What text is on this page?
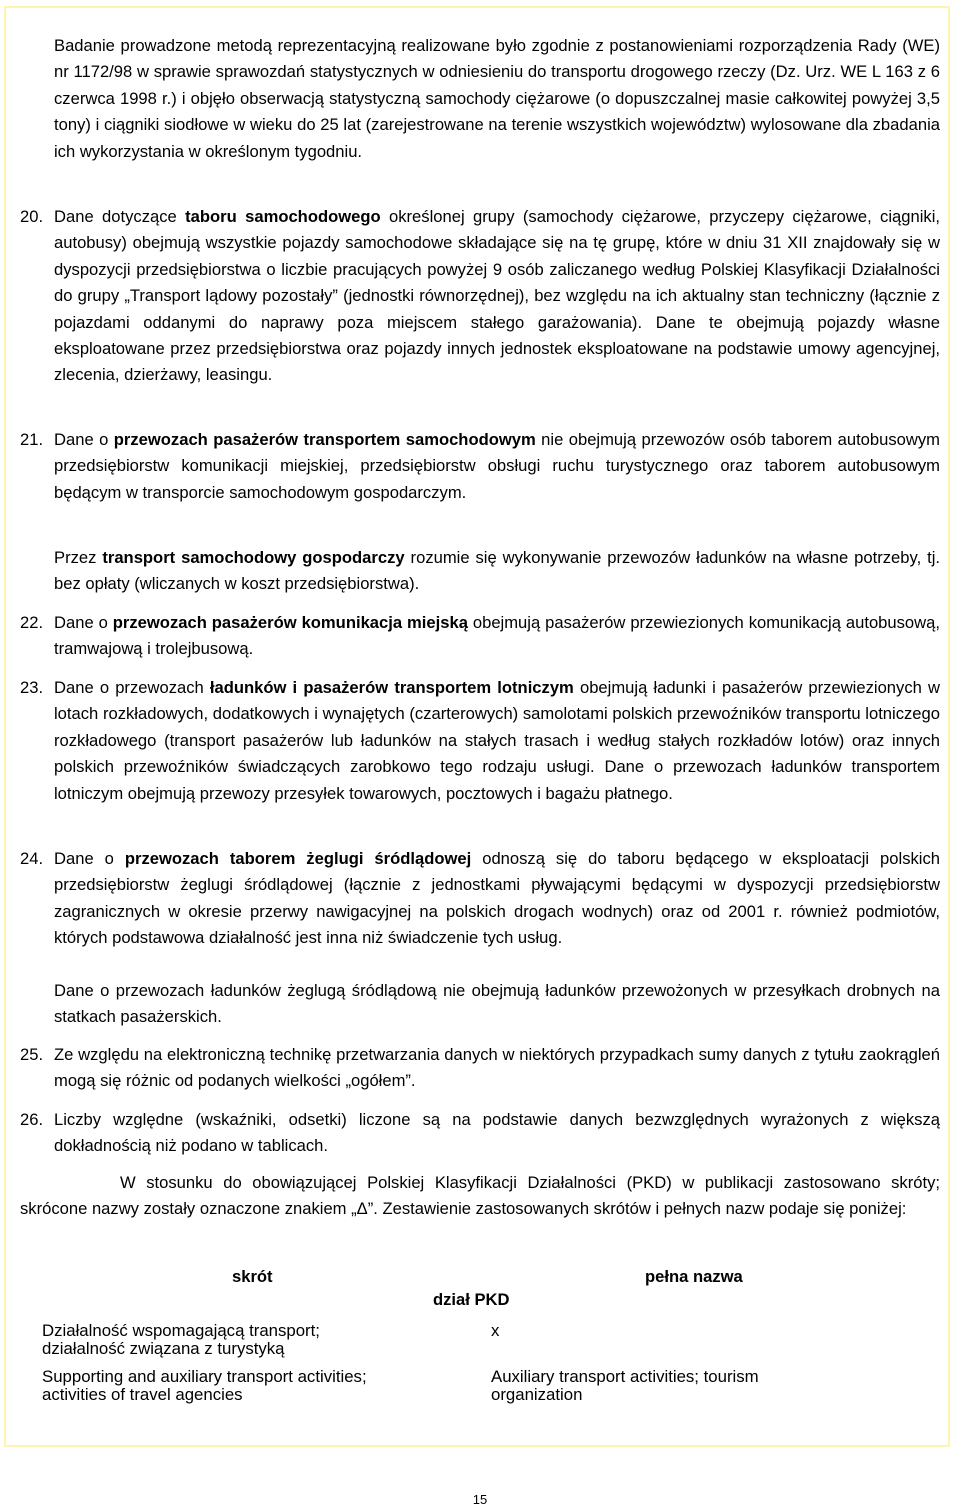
Badanie prowadzone metodą reprezentacyjną realizowane było zgodnie z postanowieniami rozporządzenia Rady (WE) nr 1172/98 w sprawie sprawozdań statystycznych w odniesieniu do transportu drogowego rzeczy (Dz. Urz. WE L 163 z 6 czerwca 1998 r.) i objęło obserwacją statystyczną samochody ciężarowe (o dopuszczalnej masie całkowitej powyżej 3,5 tony) i ciągniki siodłowe w wieku do 25 lat (zarejestrowane na terenie wszystkich województw) wylosowane dla zbadania ich wykorzystania w określonym tygodniu.

20. Dane dotyczące taboru samochodowego określonej grupy (samochody ciężarowe, przyczepy ciężarowe, ciągniki, autobusy) obejmują wszystkie pojazdy samochodowe składające się na tę grupę, które w dniu 31 XII znajdowały się w dyspozycji przedsiębiorstwa o liczbie pracujących powyżej 9 osób zaliczanego według Polskiej Klasyfikacji Działalności do grupy „Transport lądowy pozostały” (jednostki równorzędnej), bez względu na ich aktualny stan techniczny (łącznie z pojazdami oddanymi do naprawy poza miejscem stałego garażowania). Dane te obejmują pojazdy własne eksploatowane przez przedsiębiorstwa oraz pojazdy innych jednostek eksploatowane na podstawie umowy agencyjnej, zlecenia, dzierżawy, leasingu.

21. Dane o przewozach pasażerów transportem samochodowym nie obejmują przewozów osób taborem autobusowym przedsiębiorstw komunikacji miejskiej, przedsiębiorstw obsługi ruchu turystycznego oraz taborem autobusowym będącym w transporcie samochodowym gospodarczym.

Przez transport samochodowy gospodarczy rozumie się wykonywanie przewozów ładunków na własne potrzeby, tj. bez opłaty (wliczanych w koszt przedsiębiorstwa).

22. Dane o przewozach pasażerów komunikacja miejską obejmują pasażerów przewiezionych komunikacją autobusową, tramwajową i trolejbusową.

23. Dane o przewozach ładunków i pasażerów transportem lotniczym obejmują ładunki i pasażerów przewiezionych w lotach rozkładowych, dodatkowych i wynajętych (czarterowych) samolotami polskich przewoźników transportu lotniczego rozkładowego (transport pasażerów lub ładunków na stałych trasach i według stałych rozkładów lotów) oraz innych polskich przewoźników świadczących zarobkowo tego rodzaju usługi. Dane o przewozach ładunków transportem lotniczym obejmują przewozy przesyłek towarowych, pocztowych i bagażu płatnego.

24. Dane o przewozach taborem żeglugi śródlądowej odnoszą się do taboru będącego w eksploatacji polskich przedsiębiorstw żeglugi śródlądowej (łącznie z jednostkami pływającymi będącymi w dyspozycji przedsiębiorstw zagranicznych w okresie przerwy nawigacyjnej na polskich drogach wodnych) oraz od 2001 r. również podmiotów, których podstawowa działalność jest inna niż świadczenie tych usług.

Dane o przewozach ładunków żeglugą śródlądową nie obejmują ładunków przewożonych w przesyłkach drobnych na statkach pasażerskich.

25. Ze względu na elektroniczną technikę przetwarzania danych w niektórych przypadkach sumy danych z tytułu zaokrągleń mogą się różnic od podanych wielkości „ogółem”.

26. Liczby względne (wskaźniki, odsetki) liczone są na podstawie danych bezwzględnych wyrażonych z większą dokładnością niż podano w tablicach.

W stosunku do obowiązującej Polskiej Klasyfikacji Działalności (PKD) w publikacji zastosowano skróty; skrócone nazwy zostały oznaczone znakiem „Δ”. Zestawienie zastosowanych skrótów i pełnych nazw podaje się poniżej:

skrót	pełna nazwa
dział PKD
Działalność wspomagającą transport;
działalność związana z turystyką
x
Supporting and auxiliary transport activities;
activities of travel agencies
Auxiliary transport activities; tourism
organization
15
